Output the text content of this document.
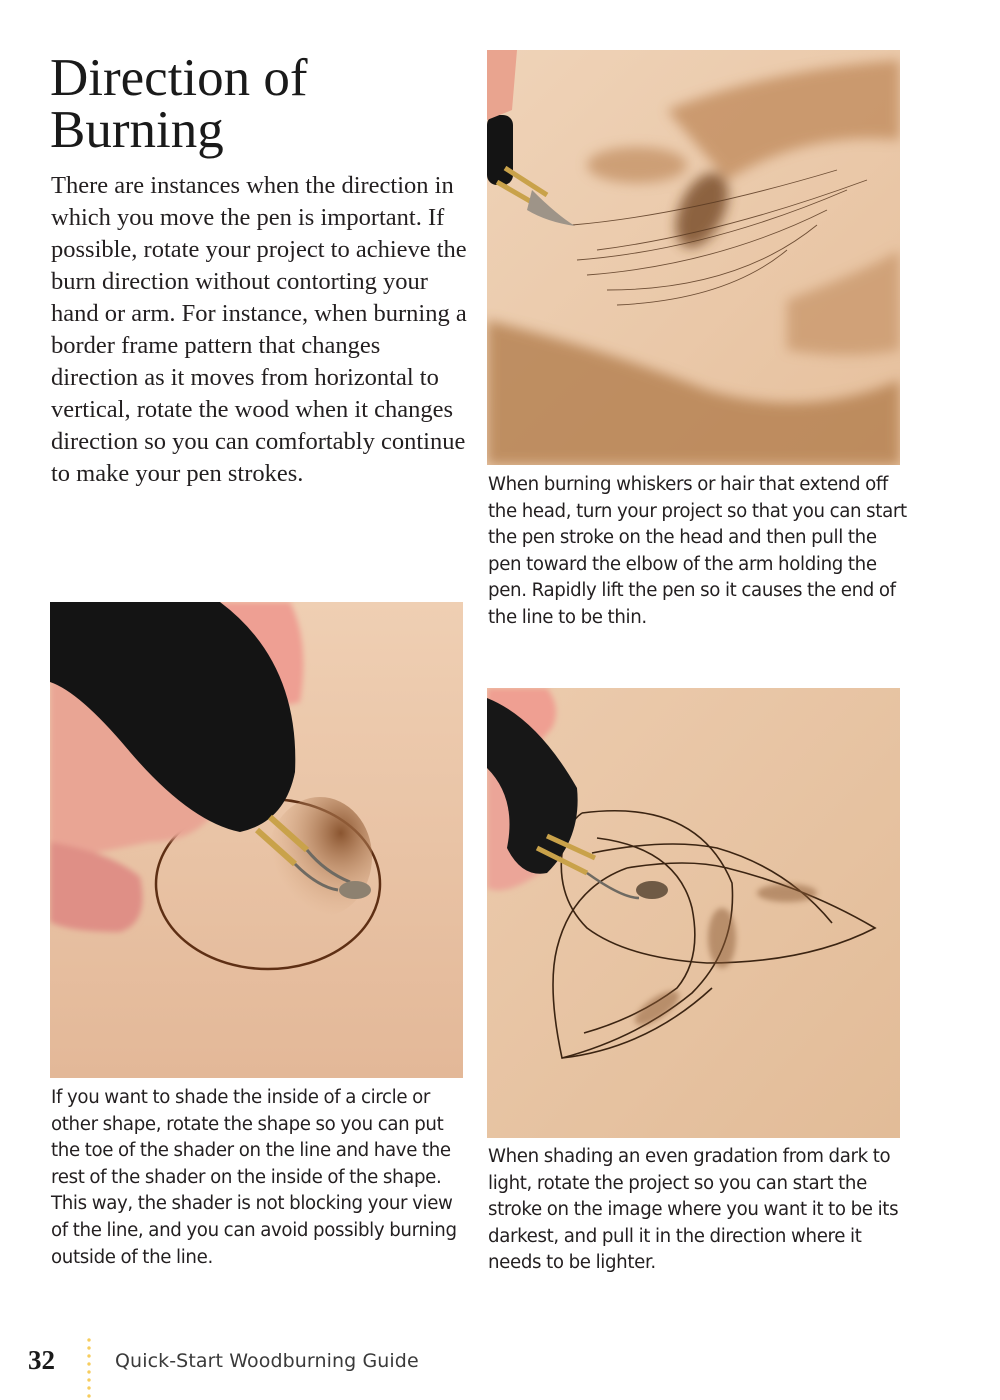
Direction of
Burning

There are instances when the direction in which you move the pen is important. If possible, rotate your project to achieve the burn direction without contorting your hand or arm. For instance, when burning a border frame pattern that changes direction as it moves from horizontal to vertical, rotate the wood when it changes direction so you can comfortably continue to make your pen strokes.	When burning whiskers or hair that extend off the head, turn your project so that you can start the pen stroke on the head and then pull the pen toward the elbow of the arm holding the pen. Rapidly lift the pen so it causes the end of the line to be thin.

If you want to shade the inside of a circle or other shape, rotate the shape so you can put the toe of the shader on the line and have the rest of the shader on the inside of the shape. This way, the shader is not blocking your view of the line, and you can avoid possibly burning outside of the line.

When shading an even gradation from dark to light, rotate the project so you can start the stroke on the image where you want it to be its darkest, and pull it in the direction where it needs to be lighter.

32	Quick-Start Woodburning Guide
